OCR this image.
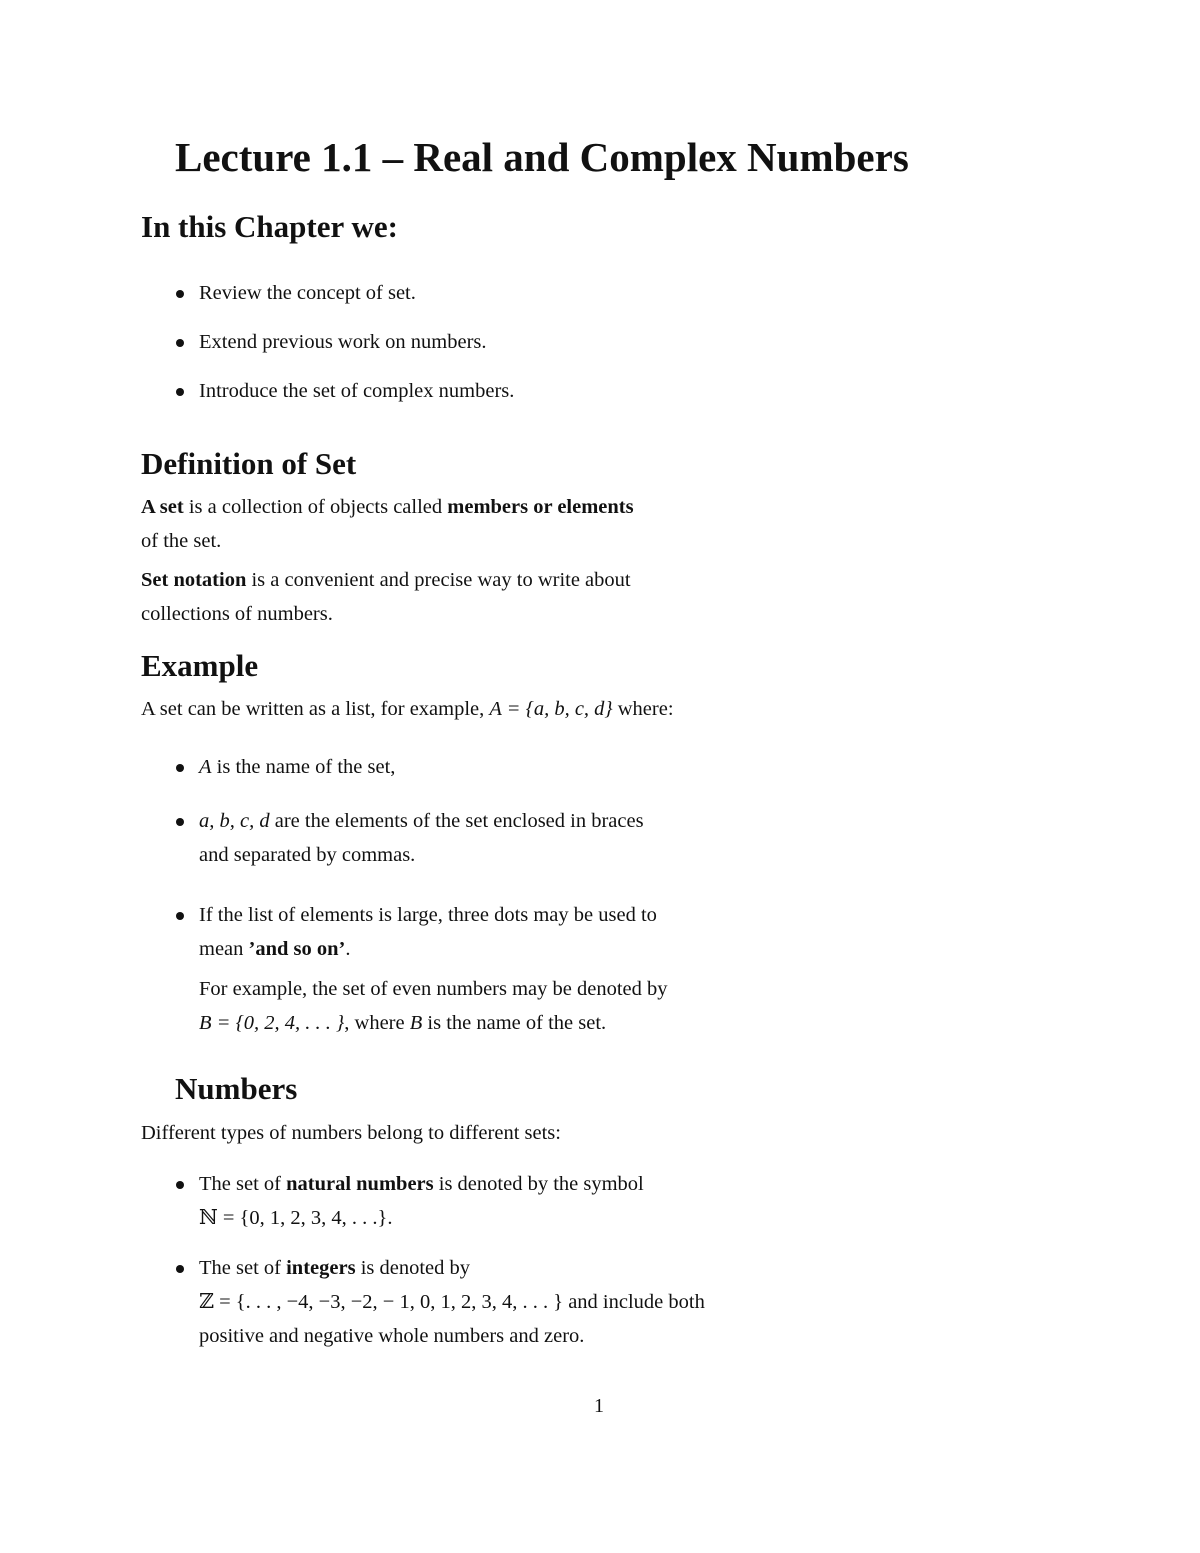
Lecture 1.1 – Real and Complex Numbers
In this Chapter we:

Review the concept of set.

Extend previous work on numbers.

Introduce the set of complex numbers.

Definition of Set

A set is a collection of objects called members or elements

of the set.

Set notation is a convenient and precise way to write about

collections of numbers.

Example

A set can be written as a list, for example, A = {a, b, c, d} where:

A is the name of the set,

a, b, c, d are the elements of the set enclosed in braces

and separated by commas.

If the list of elements is large, three dots may be used to

mean ’and so on’.

For example, the set of even numbers may be denoted by

B = {0, 2, 4, . . . }, where B is the name of the set.

Numbers

Different types of numbers belong to different sets:

The set of natural numbers is denoted by the symbol

ℕ = {0, 1, 2, 3, 4, . . .}.

The set of integers is denoted by

ℤ = {. . . , −4, −3, −2, − 1, 0, 1, 2, 3, 4, . . . } and include both

positive and negative whole numbers and zero.

1
